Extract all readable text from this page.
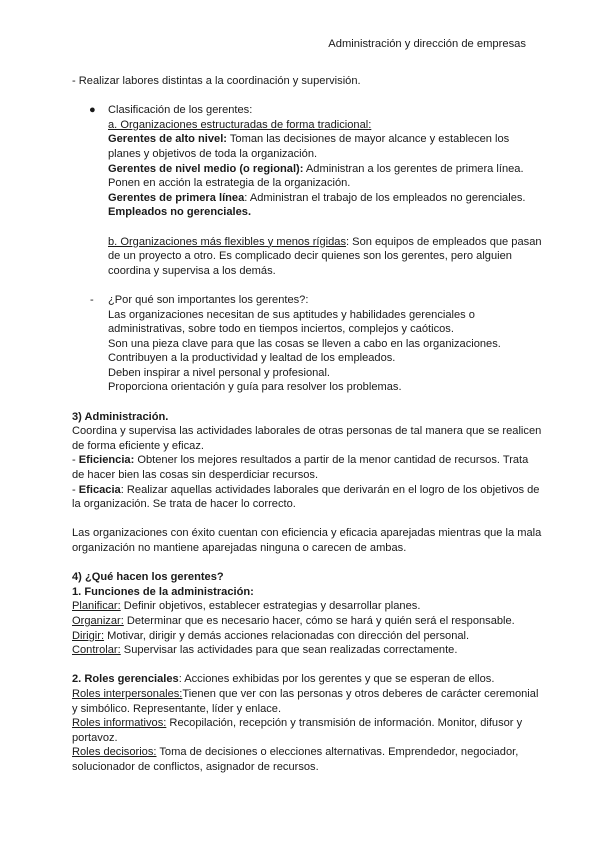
Administración y dirección de empresas

- Realizar labores distintas a la coordinación y supervisión.

● Clasificación de los gerentes:

a. Organizaciones estructuradas de forma tradicional:

Gerentes de alto nivel: Toman las decisiones de mayor alcance y establecen los planes y objetivos de toda la organización.

Gerentes de nivel medio (o regional): Administran a los gerentes de primera línea. Ponen en acción la estrategia de la organización.

Gerentes de primera línea: Administran el trabajo de los empleados no gerenciales.

Empleados no gerenciales.

b. Organizaciones más flexibles y menos rígidas: Son equipos de empleados que pasan de un proyecto a otro. Es complicado decir quienes son los gerentes, pero alguien coordina y supervisa a los demás.

- ¿Por qué son importantes los gerentes?:

Las organizaciones necesitan de sus aptitudes y habilidades gerenciales o administrativas, sobre todo en tiempos inciertos, complejos y caóticos.

Son una pieza clave para que las cosas se lleven a cabo en las organizaciones.

Contribuyen a la productividad y lealtad de los empleados.

Deben inspirar a nivel personal y profesional.

Proporciona orientación y guía para resolver los problemas.

3) Administración.

Coordina y supervisa las actividades laborales de otras personas de tal manera que se realicen de forma eficiente y eficaz.

- Eficiencia: Obtener los mejores resultados a partir de la menor cantidad de recursos. Trata de hacer bien las cosas sin desperdiciar recursos.

- Eficacia: Realizar aquellas actividades laborales que derivarán en el logro de los objetivos de la organización. Se trata de hacer lo correcto.

Las organizaciones con éxito cuentan con eficiencia y eficacia aparejadas mientras que la mala organización no mantiene aparejadas ninguna o carecen de ambas.

4) ¿Qué hacen los gerentes?

1. Funciones de la administración:

Planificar: Definir objetivos, establecer estrategias y desarrollar planes.

Organizar: Determinar que es necesario hacer, cómo se hará y quién será el responsable.

Dirigir: Motivar, dirigir y demás acciones relacionadas con dirección del personal.

Controlar: Supervisar las actividades para que sean realizadas correctamente.

2. Roles gerenciales: Acciones exhibidas por los gerentes y que se esperan de ellos.

Roles interpersonales:Tienen que ver con las personas y otros deberes de carácter ceremonial y simbólico. Representante, líder y enlace.

Roles informativos: Recopilación, recepción y transmisión de información. Monitor, difusor y portavoz.

Roles decisorios: Toma de decisiones o elecciones alternativas. Emprendedor, negociador, solucionador de conflictos, asignador de recursos.
